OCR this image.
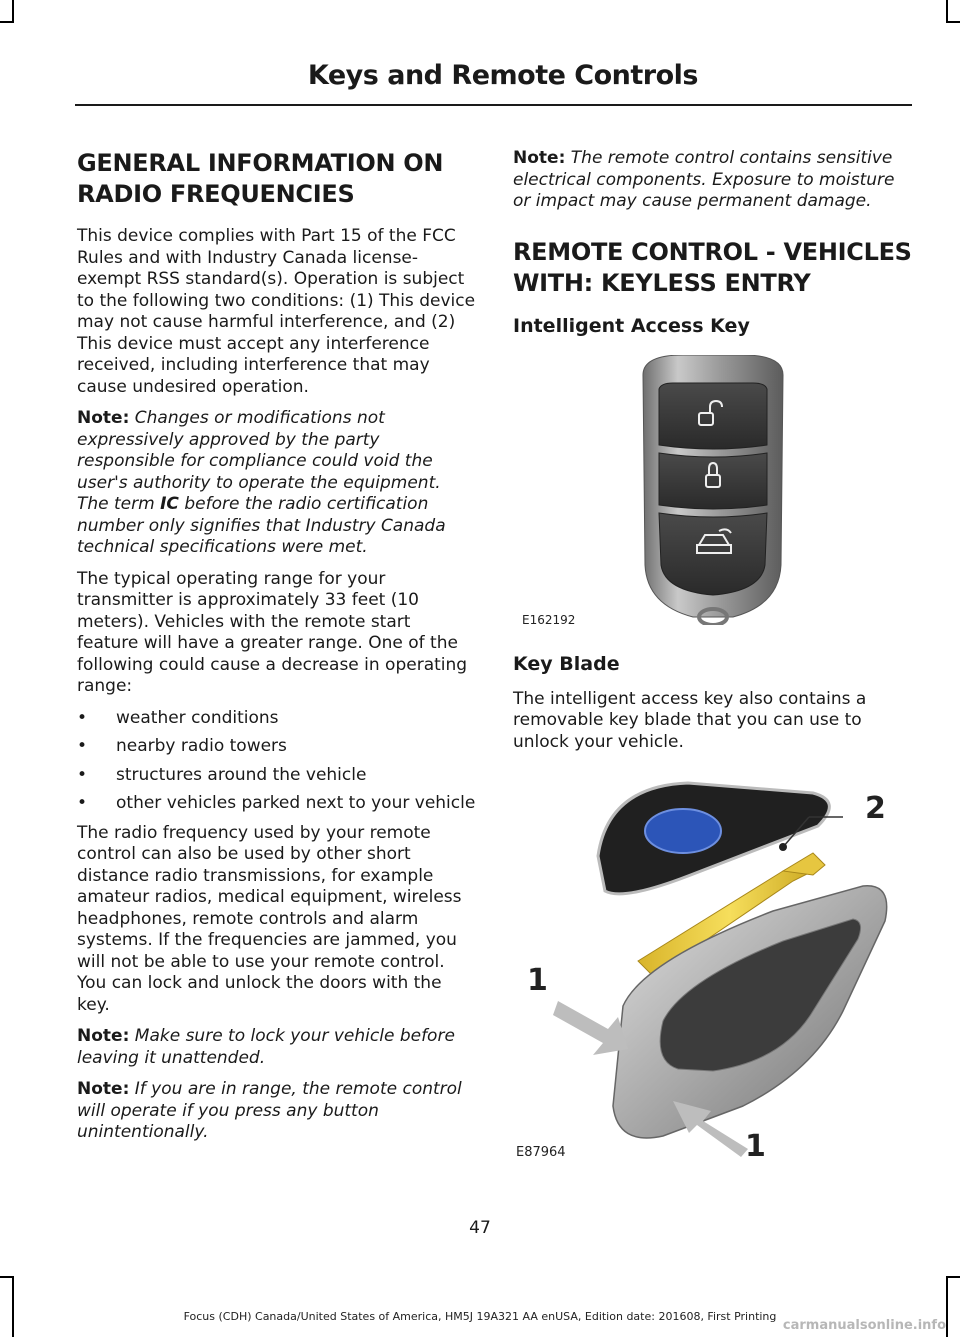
Keys and Remote Controls
GENERAL INFORMATION ON
RADIO FREQUENCIES

This device complies with Part 15 of the FCC Rules and with Industry Canada license-exempt RSS standard(s). Operation is subject to the following two conditions: (1) This device may not cause harmful interference, and (2) This device must accept any interference received, including interference that may cause undesired operation.

Note: Changes or modifications not expressively approved by the party responsible for compliance could void the user's authority to operate the equipment. The term IC before the radio certification number only signifies that Industry Canada technical specifications were met.

The typical operating range for your transmitter is approximately 33 feet (10 meters). Vehicles with the remote start feature will have a greater range. One of the following could cause a decrease in operating range:

• weather conditions
• nearby radio towers
• structures around the vehicle
• other vehicles parked next to your vehicle

The radio frequency used by your remote control can also be used by other short distance radio transmissions, for example amateur radios, medical equipment, wireless headphones, remote controls and alarm systems. If the frequencies are jammed, you will not be able to use your remote control. You can lock and unlock the doors with the key.

Note: Make sure to lock your vehicle before leaving it unattended.

Note: If you are in range, the remote control will operate if you press any button unintentionally.

Note: The remote control contains sensitive electrical components. Exposure to moisture or impact may cause permanent damage.

REMOTE CONTROL - VEHICLES
WITH: KEYLESS ENTRY
Intelligent Access Key
E162192
Key Blade

The intelligent access key also contains a removable key blade that you can use to unlock your vehicle.

2
1
1
E87964
47
Focus (CDH) Canada/United States of America, HM5J 19A321 AA enUSA, Edition date: 201608, First Printing
carmanualsonline.info
